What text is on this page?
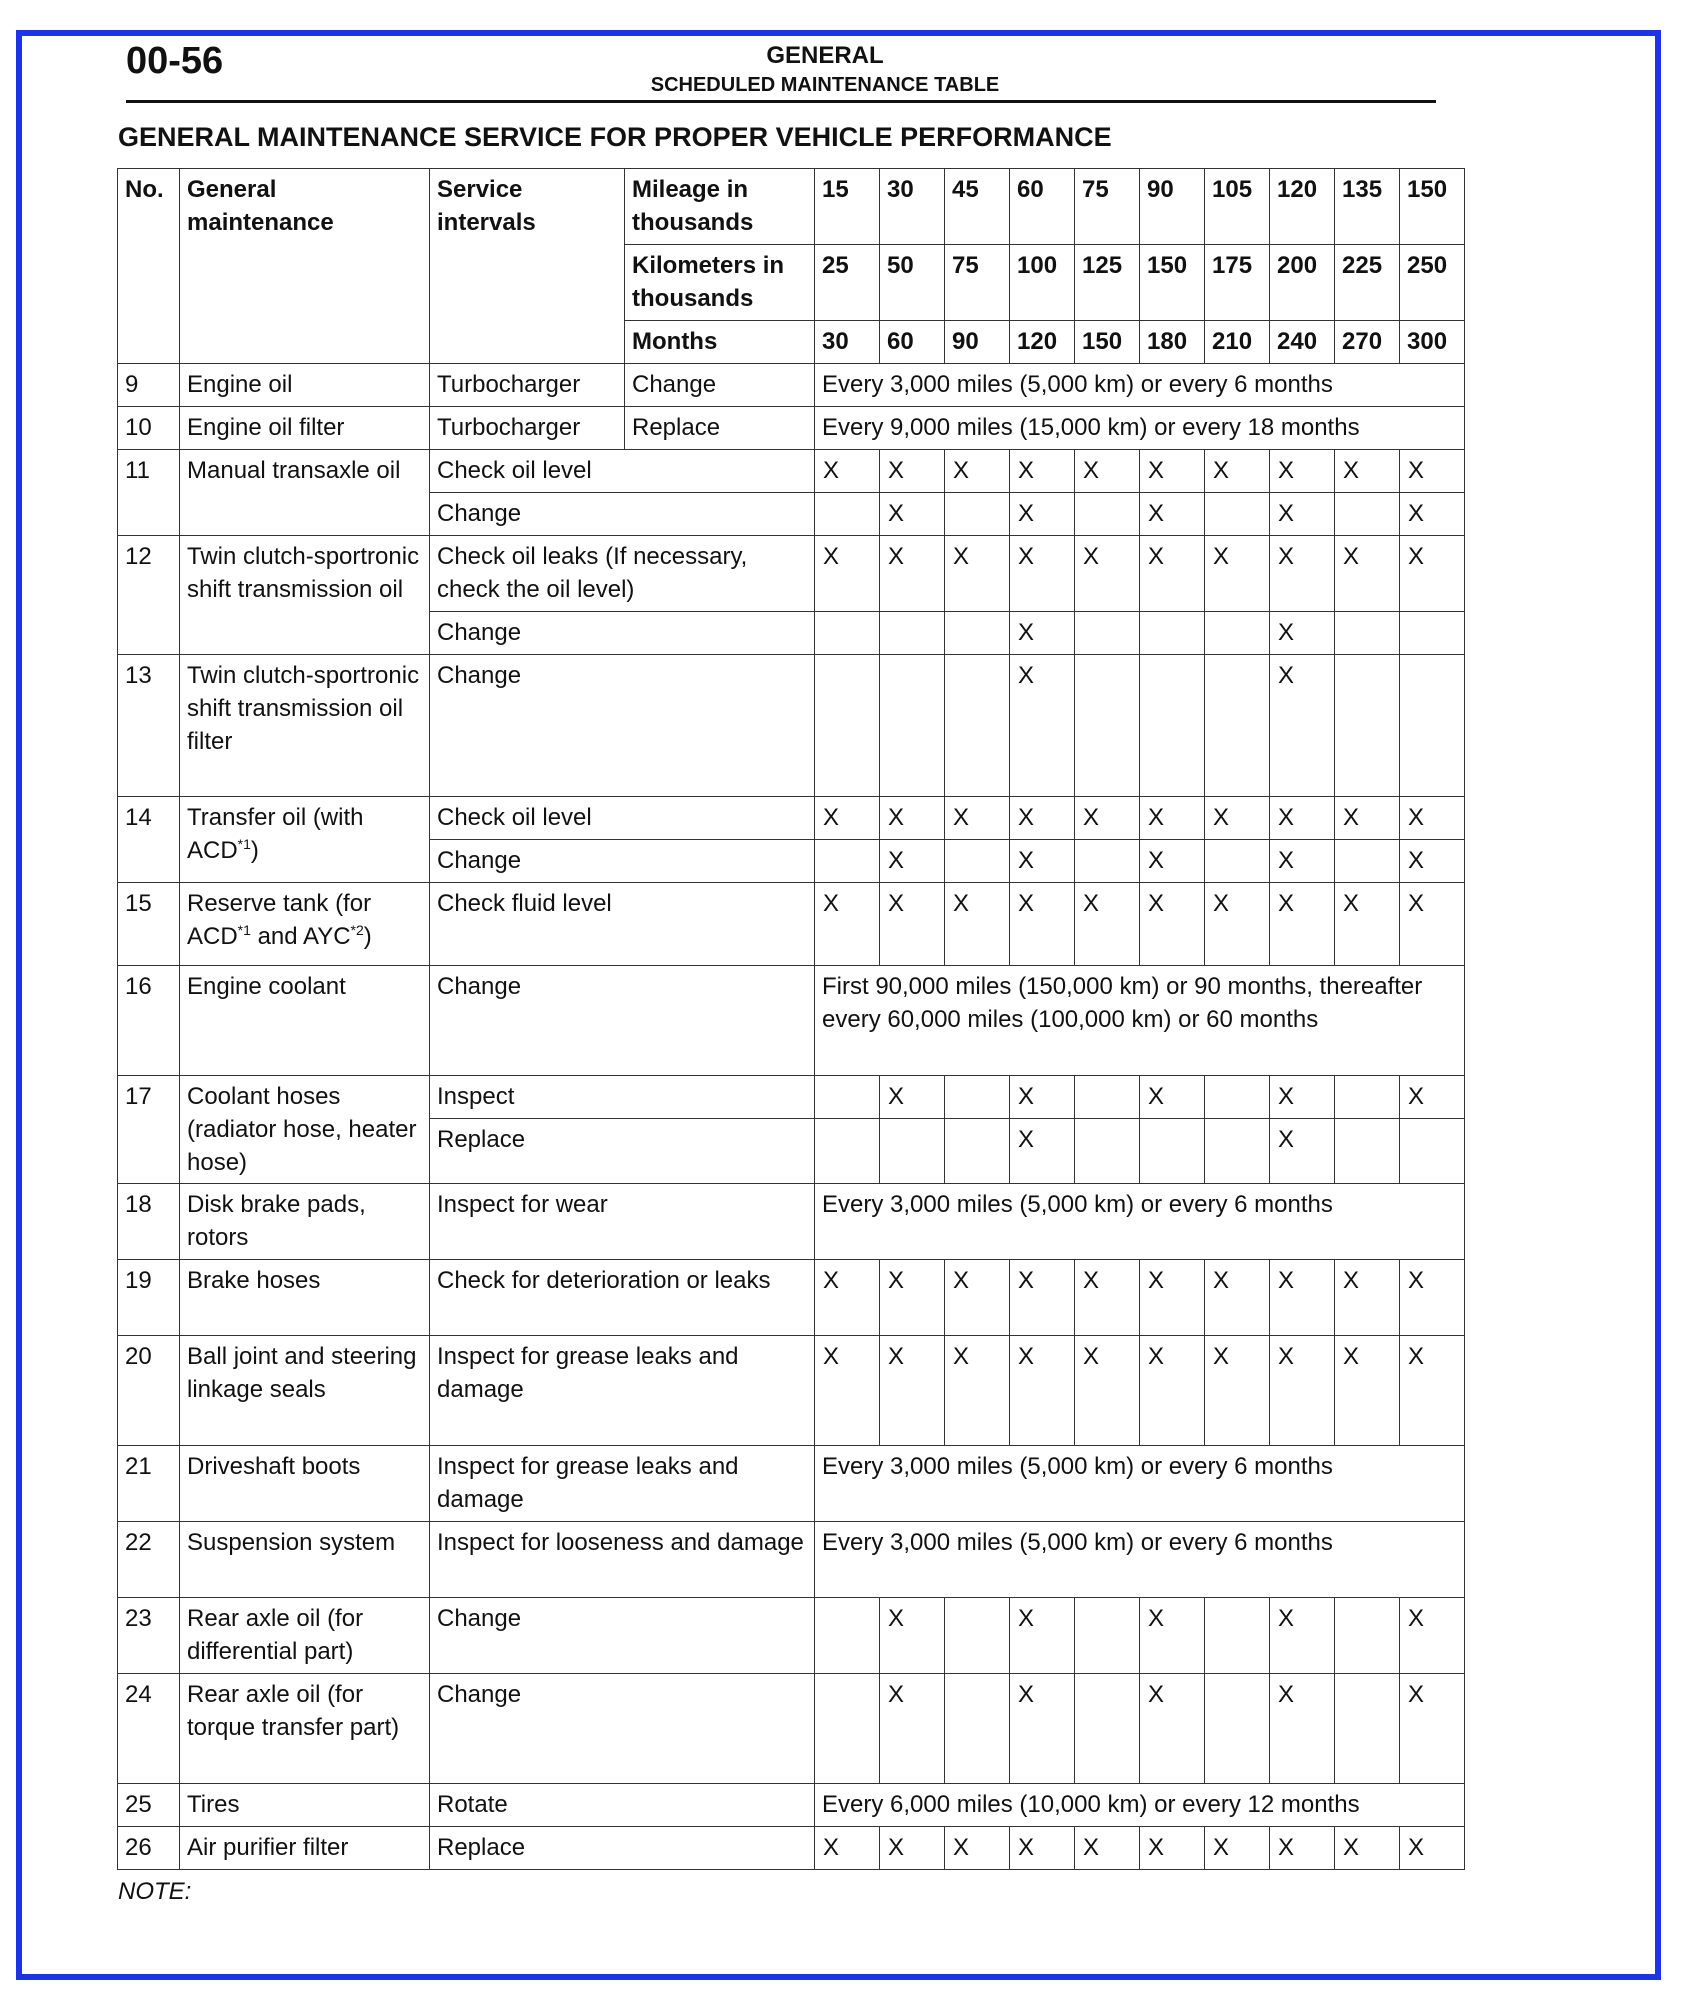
00-56	GENERAL
SCHEDULED MAINTENANCE TABLE
GENERAL MAINTENANCE SERVICE FOR PROPER VEHICLE PERFORMANCE
No.	General maintenance	Service intervals	Mileage in thousands	15	30	45	60	75	90	105	120	135	150
			Kilometers in thousands	25	50	75	100	125	150	175	200	225	250
			Months	30	60	90	120	150	180	210	240	270	300
9	Engine oil	Turbocharger	Change	Every 3,000 miles (5,000 km) or every 6 months									
10	Engine oil filter	Turbocharger	Replace	Every 9,000 miles (15,000 km) or every 18 months									
11	Manual transaxle oil	Check oil level		X	X	X	X	X	X	X	X	X	X
		Change			X		X		X		X		X
12	Twin clutch-sportronic shift transmission oil	Check oil leaks (If necessary, check the oil level)		X	X	X	X	X	X	X	X	X	X
		Change					X				X		
13	Twin clutch-sportronic shift transmission oil filter	Change					X				X		
14	Transfer oil (with ACD$^{*1}$)	Check oil level		X	X	X	X	X	X	X	X	X	X
		Change			X		X		X		X		X
15	Reserve tank (for ACD$^{*1}$ and AYC$^{*2}$)	Check fluid level		X	X	X	X	X	X	X	X	X	X
16	Engine coolant	Change		First 90,000 miles (150,000 km) or 90 months, thereafter every 60,000 miles (100,000 km) or 60 months									
17	Coolant hoses (radiator hose, heater hose)	Inspect			X		X		X		X		X
		Replace					X				X		
18	Disk brake pads, rotors	Inspect for wear		Every 3,000 miles (5,000 km) or every 6 months									
19	Brake hoses	Check for deterioration or leaks		X	X	X	X	X	X	X	X	X	X
20	Ball joint and steering linkage seals	Inspect for grease leaks and damage		X	X	X	X	X	X	X	X	X	X
21	Driveshaft boots	Inspect for grease leaks and damage		Every 3,000 miles (5,000 km) or every 6 months									
22	Suspension system	Inspect for looseness and damage		Every 3,000 miles (5,000 km) or every 6 months									
23	Rear axle oil (for differential part)	Change			X		X		X		X		X
24	Rear axle oil (for torque transfer part)	Change			X		X		X		X		X
25	Tires	Rotate		Every 6,000 miles (10,000 km) or every 12 months									
26	Air purifier filter	Replace		X	X	X	X	X	X	X	X	X	X
NOTE:
